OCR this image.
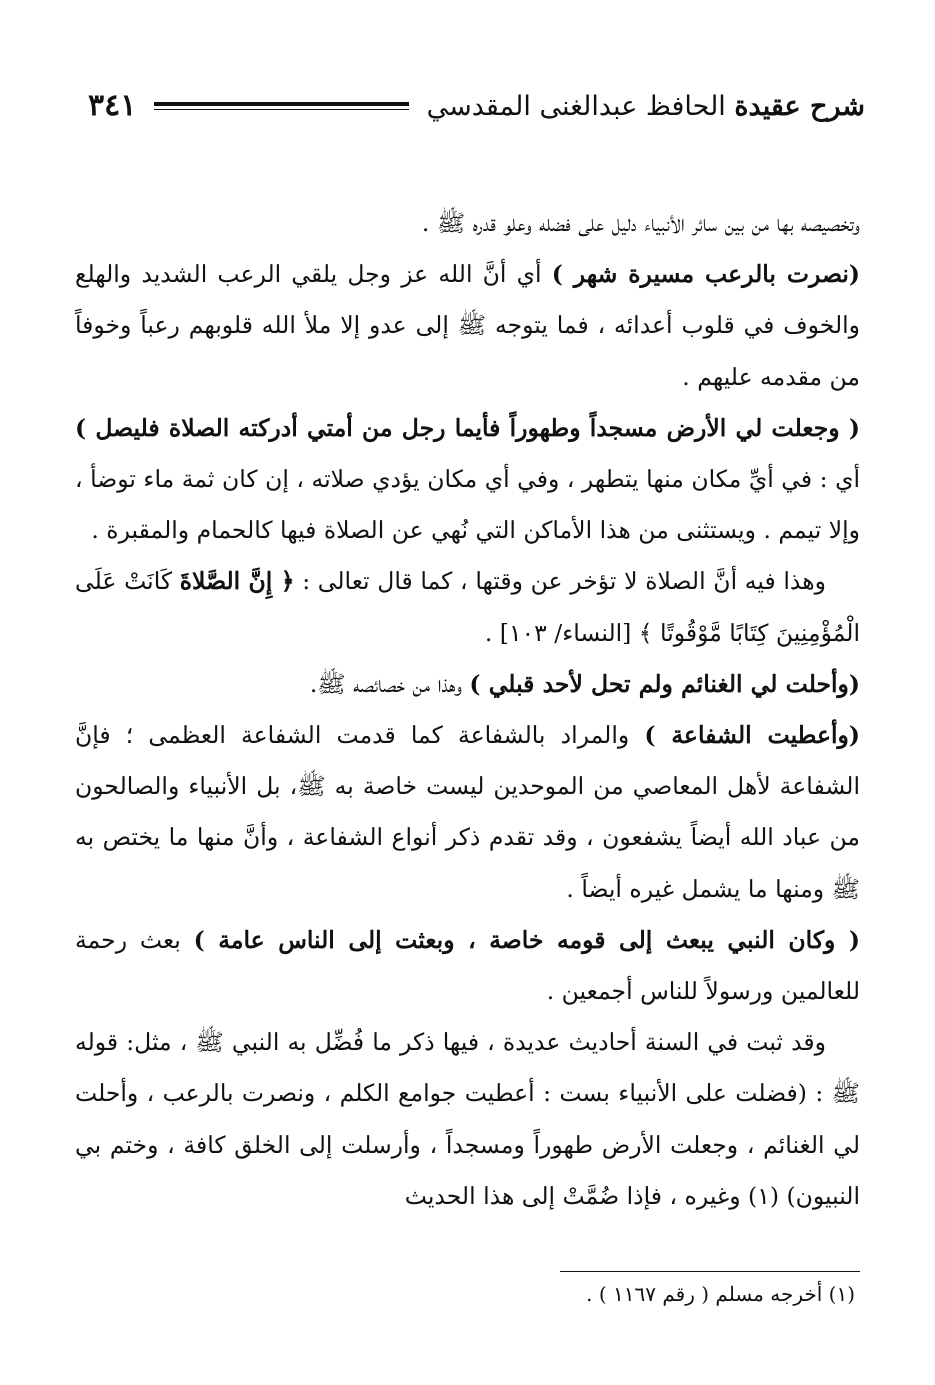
شرح عقيدة الحافظ عبدالغنى المقدسي
٣٤١

وتخصيصه بها من بين سائر الأنبياء دليل على فضله وعلو قدره ﷺ .

(نصرت بالرعب مسيرة شهر ) أي أنَّ الله عز وجل يلقي الرعب الشديد والهلع والخوف في قلوب أعدائه ، فما يتوجه ﷺ إلى عدو إلا ملأ الله قلوبهم رعباً وخوفاً من مقدمه عليهم .

( وجعلت لي الأرض مسجداً وطهوراً فأيما رجل من أمتي أدركته الصلاة فليصل ) أي : في أيِّ مكان منها يتطهر ، وفي أي مكان يؤدي صلاته ، إن كان ثمة ماء توضأ ، وإلا تيمم . ويستثنى من هذا الأماكن التي نُهي عن الصلاة فيها كالحمام والمقبرة .

وهذا فيه أنَّ الصلاة لا تؤخر عن وقتها ، كما قال تعالى : ﴿ إِنَّ الصَّلاةَ كَانَتْ عَلَى الْمُؤْمِنِينَ كِتَابًا مَّوْقُوتًا ﴾ [النساء/ ١٠٣] .

(وأحلت لي الغنائم ولم تحل لأحد قبلي ) وهذا من خصائصه ﷺ.

(وأعطيت الشفاعة ) والمراد بالشفاعة كما قدمت الشفاعة العظمى ؛ فإنَّ الشفاعة لأهل المعاصي من الموحدين ليست خاصة به ﷺ، بل الأنبياء والصالحون من عباد الله أيضاً يشفعون ، وقد تقدم ذكر أنواع الشفاعة ، وأنَّ منها ما يختص به ﷺ ومنها ما يشمل غيره أيضاً .

( وكان النبي يبعث إلى قومه خاصة ، وبعثت إلى الناس عامة ) بعث رحمة للعالمين ورسولاً للناس أجمعين .

وقد ثبت في السنة أحاديث عديدة ، فيها ذكر ما فُضِّل به النبي ﷺ ، مثل: قوله ﷺ : (فضلت على الأنبياء بست : أعطيت جوامع الكلم ، ونصرت بالرعب ، وأحلت لي الغنائم ، وجعلت الأرض طهوراً ومسجداً ، وأرسلت إلى الخلق كافة ، وختم بي النبيون) (١) وغيره ، فإذا ضُمَّتْ إلى هذا الحديث

(١) أخرجه مسلم ( رقم ١١٦٧ ) .
